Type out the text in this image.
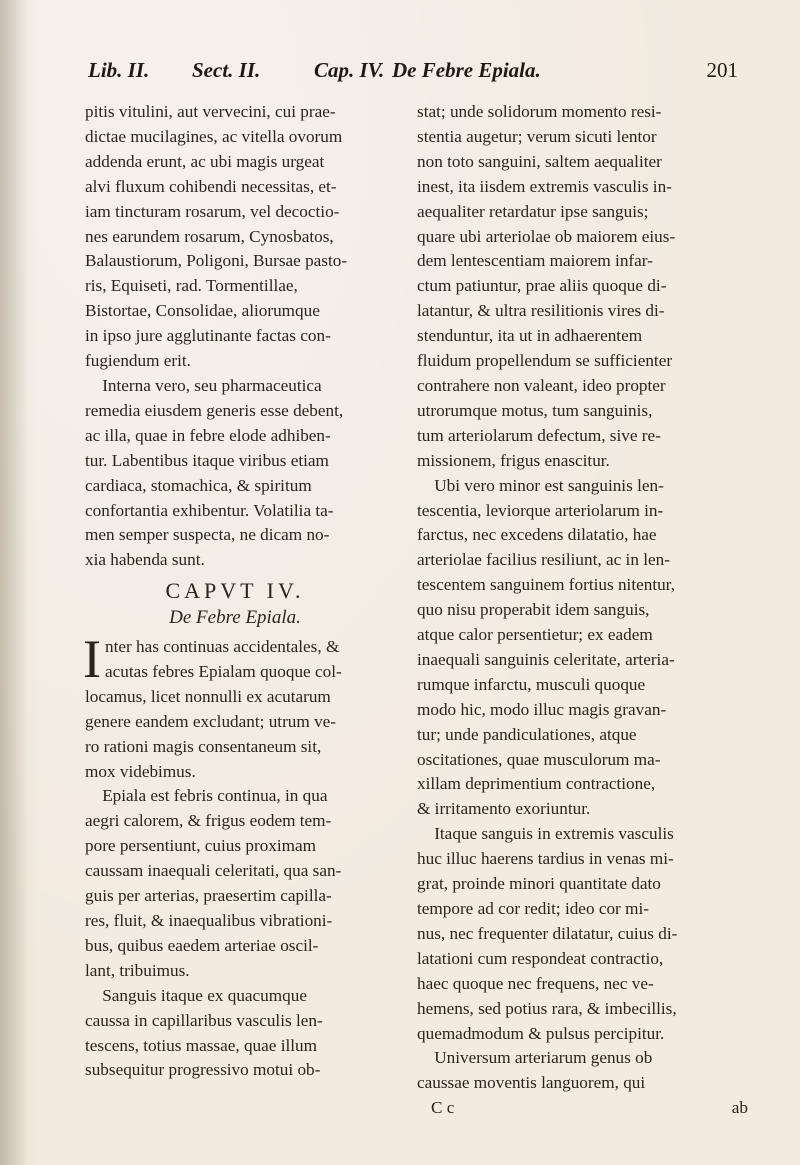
Lib. II. Sect. II.	Cap. IV. De Febre Epiala.	201

pitis vitulini, aut vervecini, cui prae-

dictae mucilagines, ac vitella ovorum

addenda erunt, ac ubi magis urgeat

alvi fluxum cohibendi necessitas, et-

iam tincturam rosarum, vel decoctio-

nes earundem rosarum, Cynosbatos,

Balaustiorum, Poligoni, Bursae pasto-

ris, Equiseti, rad. Tormentillae,

Bistortae, Consolidae, aliorumque

in ipso jure agglutinante factas con-

fugiendum erit.

Interna vero, seu pharmaceutica

remedia eiusdem generis esse debent,

ac illa, quae in febre elode adhiben-

tur. Labentibus itaque viribus etiam

cardiaca, stomachica, & spiritum

confortantia exhibentur. Volatilia ta-

men semper suspecta, ne dicam no-

xia habenda sunt.

CAPVT IV.

De Febre Epiala.

I nter has continuas accidentales, &

acutas febres Epialam quoque col-

locamus, licet nonnulli ex acutarum

genere eandem excludant; utrum ve-

ro rationi magis consentaneum sit,

mox videbimus.

Epiala est febris continua, in qua

aegri calorem, & frigus eodem tem-

pore persentiunt, cuius proximam

caussam inaequali celeritati, qua san-

guis per arterias, praesertim capilla-

res, fluit, & inaequalibus vibrationi-

bus, quibus eaedem arteriae oscil-

lant, tribuimus.

Sanguis itaque ex quacumque

caussa in capillaribus vasculis len-

tescens, totius massae, quae illum

subsequitur progressivo motui ob-

stat; unde solidorum momento resi-

stentia augetur; verum sicuti lentor

non toto sanguini, saltem aequaliter

inest, ita iisdem extremis vasculis in-

aequaliter retardatur ipse sanguis;

quare ubi arteriolae ob maiorem eius-

dem lentescentiam maiorem infar-

ctum patiuntur, prae aliis quoque di-

latantur, & ultra resilitionis vires di-

stenduntur, ita ut in adhaerentem

fluidum propellendum se sufficienter

contrahere non valeant, ideo propter

utrorumque motus, tum sanguinis,

tum arteriolarum defectum, sive re-

missionem, frigus enascitur.

Ubi vero minor est sanguinis len-

tescentia, leviorque arteriolarum in-

farctus, nec excedens dilatatio, hae

arteriolae facilius resiliunt, ac in len-

tescentem sanguinem fortius nitentur,

quo nisu properabit idem sanguis,

atque calor persentietur; ex eadem

inaequali sanguinis celeritate, arteria-

rumque infarctu, musculi quoque

modo hic, modo illuc magis gravan-

tur; unde pandiculationes, atque

oscitationes, quae musculorum ma-

xillam deprimentium contractione,

& irritamento exoriuntur.

Itaque sanguis in extremis vasculis

huc illuc haerens tardius in venas mi-

grat, proinde minori quantitate dato

tempore ad cor redit; ideo cor mi-

nus, nec frequenter dilatatur, cuius di-

latationi cum respondeat contractio,

haec quoque nec frequens, nec ve-

hemens, sed potius rara, & imbecillis,

quemadmodum & pulsus percipitur.

Universum arteriarum genus ob

caussae moventis languorem, qui

C c	ab
